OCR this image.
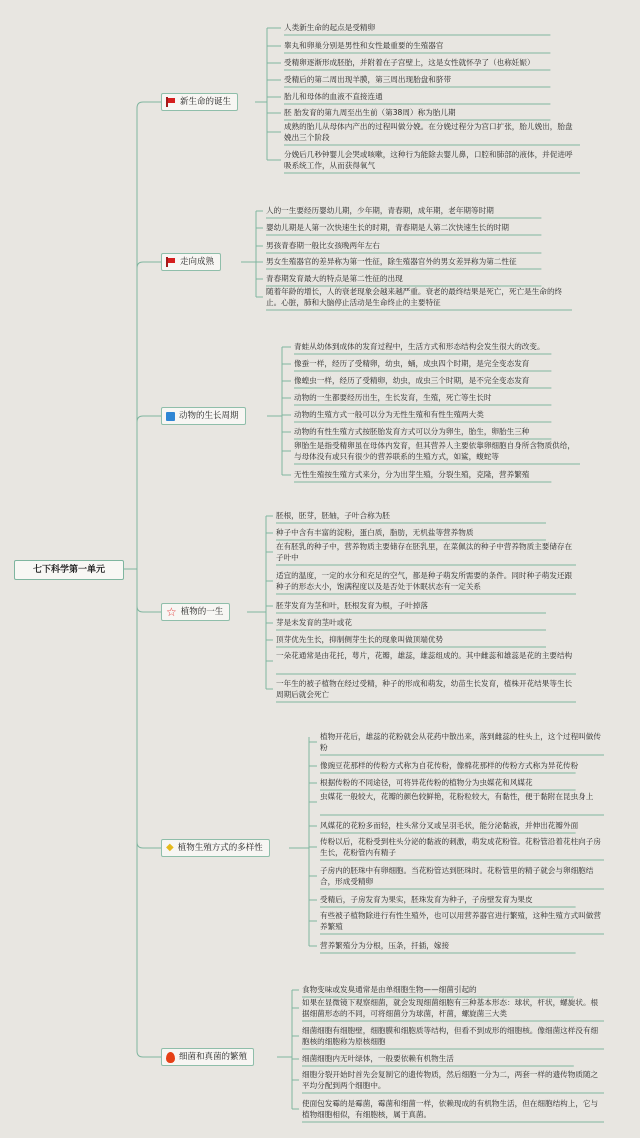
七下科学第一单元
新生命的诞生
人类新生命的起点是受精卵
睾丸和卵巢分别是男性和女性最重要的生殖器官
受精卵逐渐形成胚胎，并附着在子宫壁上，这是女性就怀孕了（也称妊娠）
受精后的第二周出现羊膜，第三周出现胎盘和脐带
胎儿和母体的血液不直接连通
胚 胎发育的第九周至出生前（第38周）称为胎儿期
成熟的胎儿从母体内产出的过程叫做分娩。在分娩过程分为宫口扩张，胎儿娩出，胎盘娩出三个阶段
分娩后几秒钟婴儿会哭或咳嗽，这种行为能除去婴儿鼻，口腔和肺部的液体，并促进呼吸系统工作，从而获得氧气
走向成熟
人的一生要经历婴幼儿期，少年期，青春期，成年期，老年期等时期
婴幼儿期是人第一次快速生长的时期，青春期是人第二次快速生长的时期
男孩青春期一般比女孩晚两年左右
男女生殖器官的差异称为第一性征，除生殖器官外的男女差异称为第二性征
青春期发育最大的特点是第二性征的出现
随着年龄的增长，人的衰老现象会越来越严重。衰老的最终结果是死亡，死亡是生命的终止。心脏，肺和大脑停止活动是生命终止的主要特征
动物的生长周期
青蛙从幼体到成体的发育过程中，生活方式和形态结构会发生很大的改变。
像蚕一样，经历了受精卵，幼虫，蛹，成虫四个时期，是完全变态发育
像蝗虫一样，经历了受精卵，幼虫，成虫三个时期，是不完全变态发育
动物的一生都要经历出生，生长发育，生殖，死亡等生长时
动物的生殖方式一般可以分为无性生殖和有性生殖两大类
动物的有性生殖方式按胚胎发育方式可以分为卵生，胎生，卵胎生三种
卵胎生是指受精卵虽在母体内发育，但其营养人主要依靠卵细胞自身所含物质供给，与母体没有或只有很少的营养联系的生殖方式，如鲨，蝮蛇等
无性生殖按生殖方式来分，分为出芽生殖，分裂生殖，克隆，营养繁殖
☆ 植物的一生
胚根，胚芽，胚轴，子叶合称为胚
种子中含有丰富的淀粉，蛋白质，脂肪，无机盐等营养物质
在有胚乳的种子中，营养物质主要储存在胚乳里，在菜佩汰的种子中营养物质主要储存在子叶中
适宜的温度，一定的水分和充足的空气，都是种子萌发所需要的条件。同时种子萌发还跟种子的形态大小，饱满程度以及是否处于休眠状态有一定关系
胚芽发育为茎和叶，胚根发育为根，子叶掉落
芽是未发育的茎叶或花
顶芽优先生长，抑制侧芽生长的现象叫做顶端优势
一朵花通常是由花托，萼片，花瓣，雄蕊，雄蕊组成的。其中雌蕊和雄蕊是花的主要结构
一年生的被子植物在经过受精，种子的形成和萌发，幼苗生长发育，植株开花结果等生长周期后就会死亡
◆ 植物生殖方式的多样性
植物开花后，雄蕊的花粉就会从花药中散出来，落到雌蕊的柱头上，这个过程叫做传粉
像豌豆花那样的传粉方式称为自花传粉，像棉花那样的传粉方式称为异花传粉
根据传粉的不同途径，可将异花传粉的植物分为虫媒花和风媒花
虫媒花一般较大，花瓣的颜色较鲜艳，花粉粒较大，有黏性，便于黏附在昆虫身上
风媒花的花粉多而轻，柱头常分叉或呈羽毛状，能分泌黏液，并伸出花瓣外面
传粉以后，花粉受到柱头分泌的黏液的刺激，萌发成花粉管。花粉管沿着花柱向子房生长，花粉管内有精子
子房内的胚珠中有卵细胞。当花粉管达到胚珠时。花粉管里的精子就会与卵细胞结合，形成受精卵
受精后，子房发育为果实，胚珠发育为种子，子房壁发育为果皮
有些被子植物除进行有性生殖外，也可以用营养器官进行繁殖，这种生殖方式叫做营养繁殖
营养繁殖分为分根，压条，扦插，嫁接
细菌和真菌的繁殖
食物变味或发臭通常是由单细胞生物——细菌引起的
如果在显微镜下观察细菌，就会发现细菌细胞有三种基本形态：球状，杆状，螺旋状。根据细菌形态的不同，可将细菌分为球菌，杆菌，螺旋菌三大类
细菌细胞有细胞壁，细胞膜和细胞质等结构，但看不到成形的细胞核。像细菌这样没有细胞核的细胞称为原核细胞
细菌细胞内无叶绿体，一般要依赖有机物生活
细胞分裂开始时首先会复制它的遗传物质，然后细胞一分为二，两套一样的遗传物质随之平均分配到两个细胞中。
使面包发霉的是霉菌，霉菌和细菌一样，依赖现成的有机物生活，但在细胞结构上，它与植物细胞相似，有细胞核，属于真菌。
